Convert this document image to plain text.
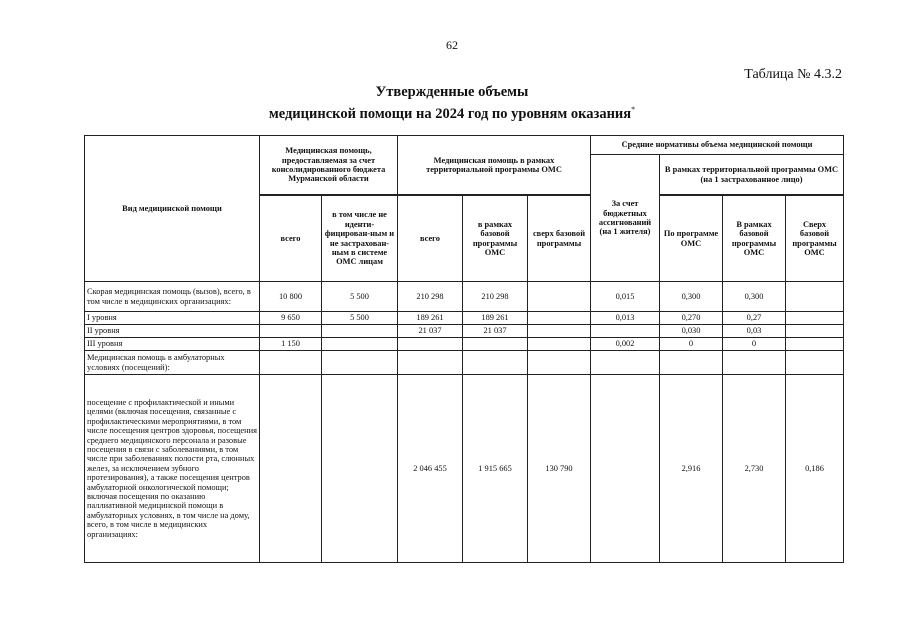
62
Таблица № 4.3.2
Утвержденные объемы
медицинской помощи на 2024 год по уровням оказания*
Вид медицинской помощи	Медицинская помощь, предоставляемая за счет консолидированного бюджета Мурманской области		Медицинская помощь в рамках территориальной программы ОМС			Средние нормативы объема медицинской помощи			
						За счет бюджетных ассигнований (на 1 жителя)	В рамках территориальной программы ОМС (на 1 застрахованное лицо)		

	всего	в том числе не иденти-фицирован-ным и не застрахован-ным в системе ОМС лицам	всего	в рамках базовой программы ОМС	сверх базовой программы		По программе ОМС	В рамках базовой программы ОМС	Сверх базовой программы ОМС
Скорая медицинская помощь (вызов), всего, в том числе в медицинских организациях:	10 800	5 500	210 298	210 298		0,015	0,300	0,300	
I уровня	9 650	5 500	189 261	189 261		0,013	0,270	0,27	
II уровня			21 037	21 037			0,030	0,03	
III уровня	1 150					0,002	0	0	
Медицинская помощь в амбулаторных условиях (посещений):									
посещение с профилактической и иными целями (включая посещения, связанные с профилактическими мероприятиями, в том числе посещения центров здоровья, посещения среднего медицинского персонала и разовые посещения в связи с заболеваниями, в том числе при заболеваниях полости рта, слюнных желез, за исключением зубного протезирования), а также посещения центров амбулаторной онкологической помощи; включая посещения по оказанию паллиативной медицинской помощи в амбулаторных условиях, в том числе на дому, всего, в том числе в медицинских организациях:			2 046 455	1 915 665	130 790		2,916	2,730	0,186
